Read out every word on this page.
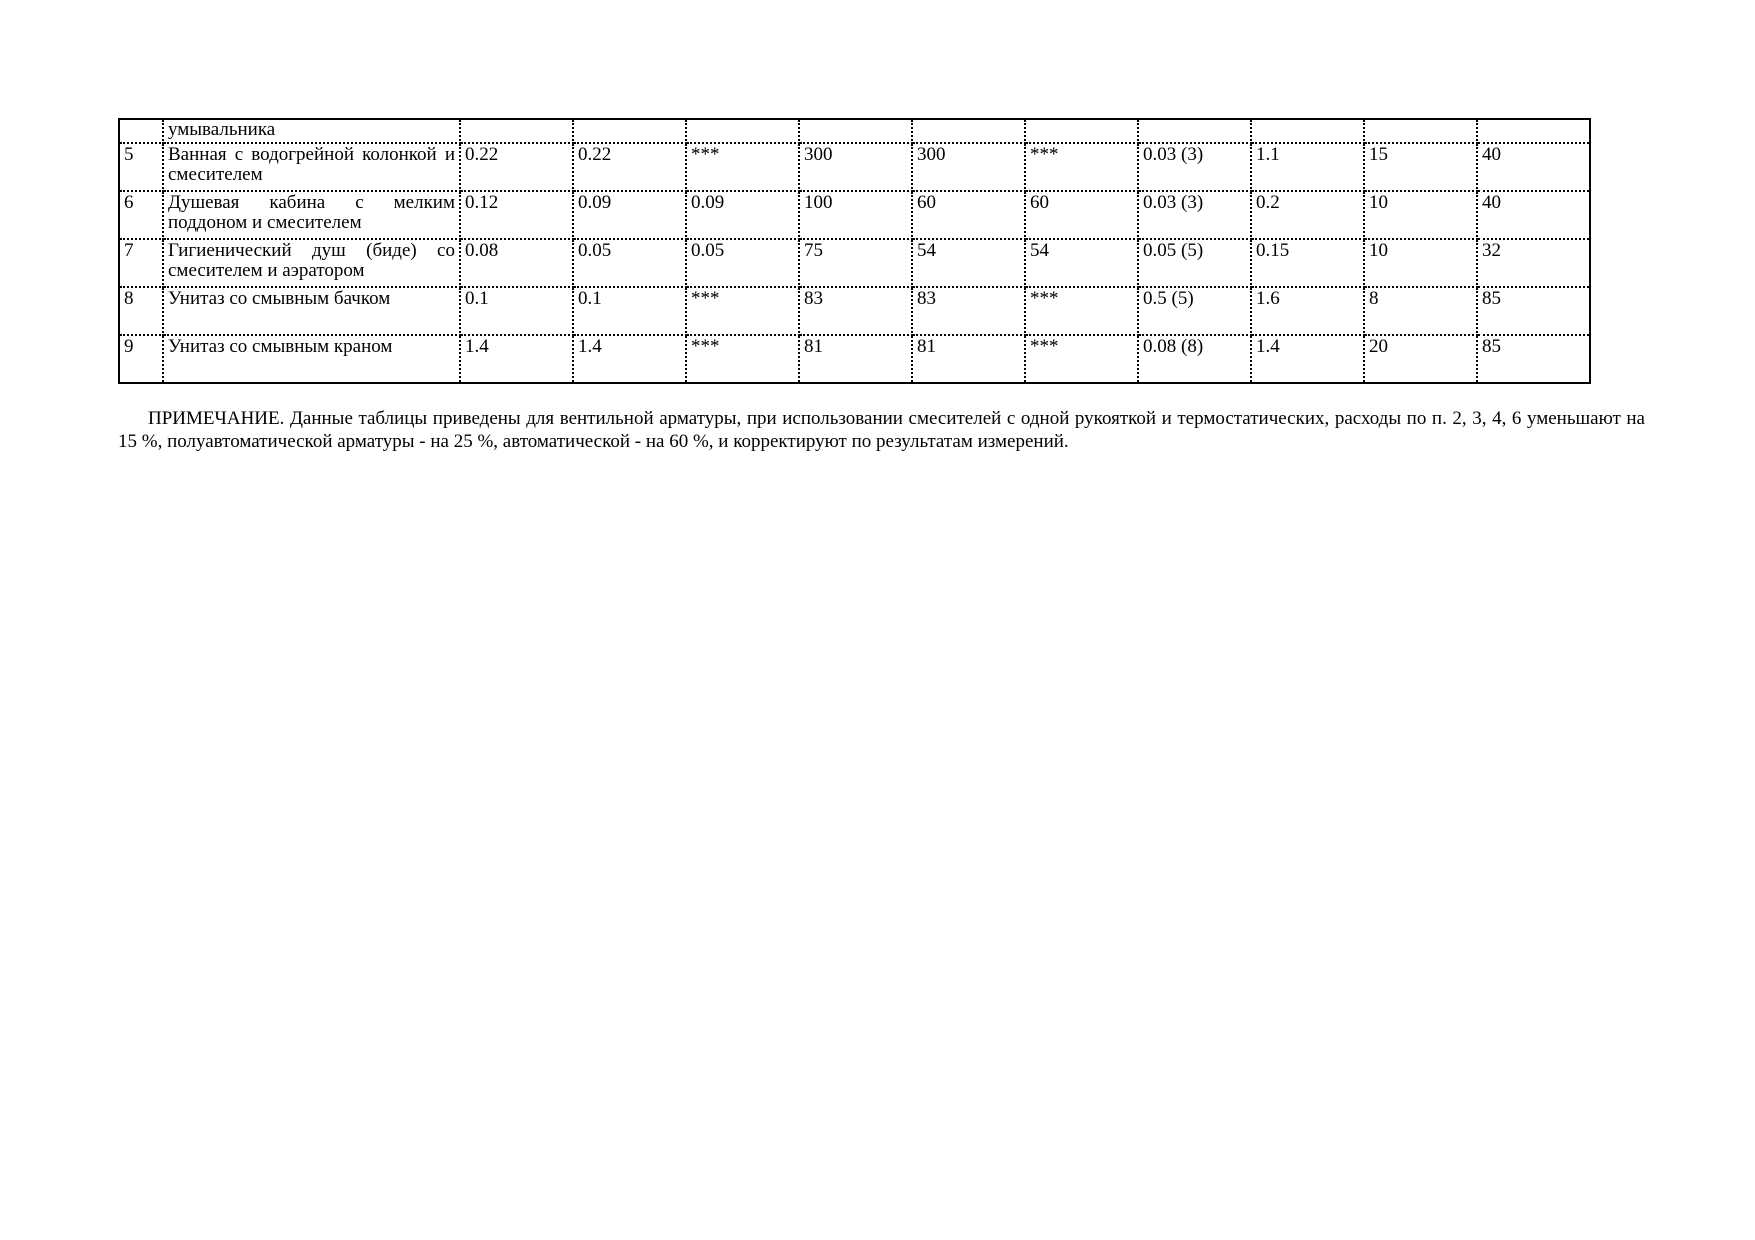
	умывальника										
5	Ванная с водогрейной колонкой и смесителем	0.22	0.22	***	300	300	***	0.03 (3)	1.1	15	40
6	Душевая кабина с мелким поддоном и смесителем	0.12	0.09	0.09	100	60	60	0.03 (3)	0.2	10	40
7	Гигиенический душ (биде) со смесителем и аэратором	0.08	0.05	0.05	75	54	54	0.05 (5)	0.15	10	32
8	Унитаз со смывным бачком	0.1	0.1	***	83	83	***	0.5 (5)	1.6	8	85
9	Унитаз со смывным краном	1.4	1.4	***	81	81	***	0.08 (8)	1.4	20	85

ПРИМЕЧАНИЕ. Данные таблицы приведены для вентильной арматуры, при использовании смесителей с одной рукояткой и термостатических, расходы по п. 2, 3, 4, 6 уменьшают на 15 %, полуавтоматической арматуры - на 25 %, автоматической - на 60 %, и корректируют по результатам измерений.
